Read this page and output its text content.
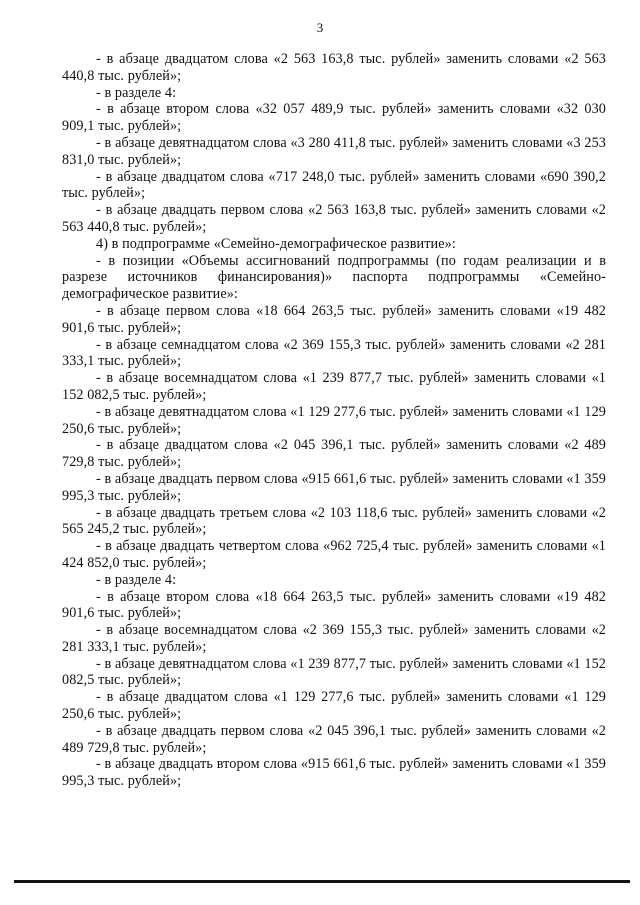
3

- в абзаце двадцатом слова «2 563 163,8 тыс. рублей» заменить словами «2 563 440,8 тыс. рублей»;

- в разделе 4:

- в абзаце втором слова «32 057 489,9 тыс. рублей» заменить словами «32 030 909,1 тыс. рублей»;

- в абзаце девятнадцатом слова «3 280 411,8 тыс. рублей» заменить словами «3 253 831,0 тыс. рублей»;

- в абзаце двадцатом слова «717 248,0 тыс. рублей» заменить словами «690 390,2 тыс. рублей»;

- в абзаце двадцать первом слова «2 563 163,8 тыс. рублей» заменить словами «2 563 440,8 тыс. рублей»;

4) в подпрограмме «Семейно-демографическое развитие»:

- в позиции «Объемы ассигнований подпрограммы (по годам реализации и в разрезе источников финансирования)» паспорта подпрограммы «Семейно-демографическое развитие»:

- в абзаце первом слова «18 664 263,5 тыс. рублей» заменить словами «19 482 901,6 тыс. рублей»;

- в абзаце семнадцатом слова «2 369 155,3 тыс. рублей» заменить словами «2 281 333,1 тыс. рублей»;

- в абзаце восемнадцатом слова «1 239 877,7 тыс. рублей» заменить словами «1 152 082,5 тыс. рублей»;

- в абзаце девятнадцатом слова «1 129 277,6 тыс. рублей» заменить словами «1 129 250,6 тыс. рублей»;

- в абзаце двадцатом слова «2 045 396,1 тыс. рублей» заменить словами «2 489 729,8 тыс. рублей»;

- в абзаце двадцать первом слова «915 661,6 тыс. рублей» заменить словами «1 359 995,3 тыс. рублей»;

- в абзаце двадцать третьем слова «2 103 118,6 тыс. рублей» заменить словами «2 565 245,2 тыс. рублей»;

- в абзаце двадцать четвертом слова «962 725,4 тыс. рублей» заменить словами «1 424 852,0 тыс. рублей»;

- в разделе 4:

- в абзаце втором слова «18 664 263,5 тыс. рублей» заменить словами «19 482 901,6 тыс. рублей»;

- в абзаце восемнадцатом слова «2 369 155,3 тыс. рублей» заменить словами «2 281 333,1 тыс. рублей»;

- в абзаце девятнадцатом слова «1 239 877,7 тыс. рублей» заменить словами «1 152 082,5 тыс. рублей»;

- в абзаце двадцатом слова «1 129 277,6 тыс. рублей» заменить словами «1 129 250,6 тыс. рублей»;

- в абзаце двадцать первом слова «2 045 396,1 тыс. рублей» заменить словами «2 489 729,8 тыс. рублей»;

- в абзаце двадцать втором слова «915 661,6 тыс. рублей» заменить словами «1 359 995,3 тыс. рублей»;
